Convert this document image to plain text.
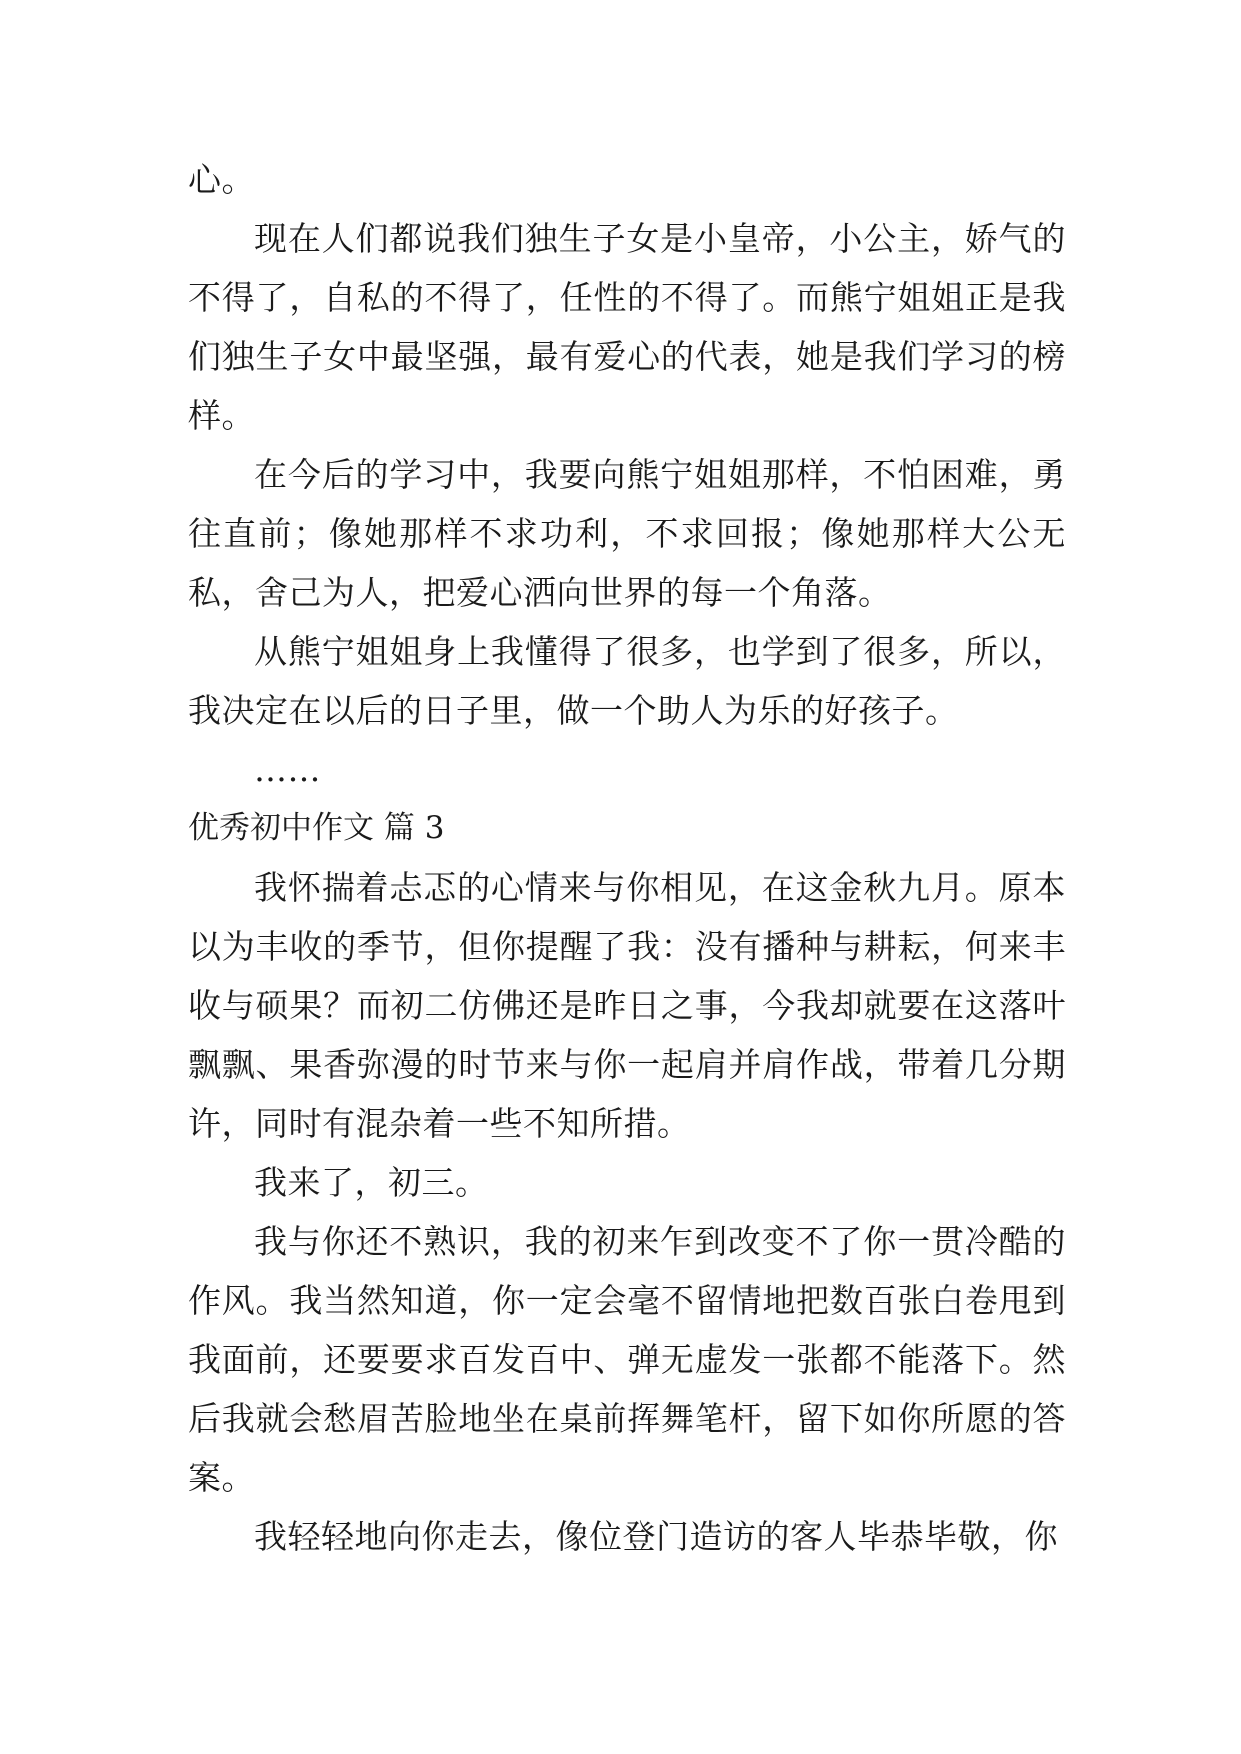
心。

现在人们都说我们独生子女是小皇帝，小公主，娇气的不得了，自私的不得了，任性的不得了。而熊宁姐姐正是我们独生子女中最坚强，最有爱心的代表，她是我们学习的榜样。

在今后的学习中，我要向熊宁姐姐那样，不怕困难，勇往直前；像她那样不求功利，不求回报；像她那样大公无私，舍己为人，把爱心洒向世界的每一个角落。

从熊宁姐姐身上我懂得了很多，也学到了很多，所以，我决定在以后的日子里，做一个助人为乐的好孩子。

……

优秀初中作文 篇 3

我怀揣着忐忑的心情来与你相见，在这金秋九月。原本以为丰收的季节，但你提醒了我：没有播种与耕耘，何来丰收与硕果？而初二仿佛还是昨日之事，今我却就要在这落叶飘飘、果香弥漫的时节来与你一起肩并肩作战，带着几分期许，同时有混杂着一些不知所措。

我来了，初三。

我与你还不熟识，我的初来乍到改变不了你一贯冷酷的作风。我当然知道，你一定会毫不留情地把数百张白卷甩到我面前，还要要求百发百中、弹无虚发一张都不能落下。然后我就会愁眉苦脸地坐在桌前挥舞笔杆，留下如你所愿的答案。

我轻轻地向你走去，像位登门造访的客人毕恭毕敬，你
